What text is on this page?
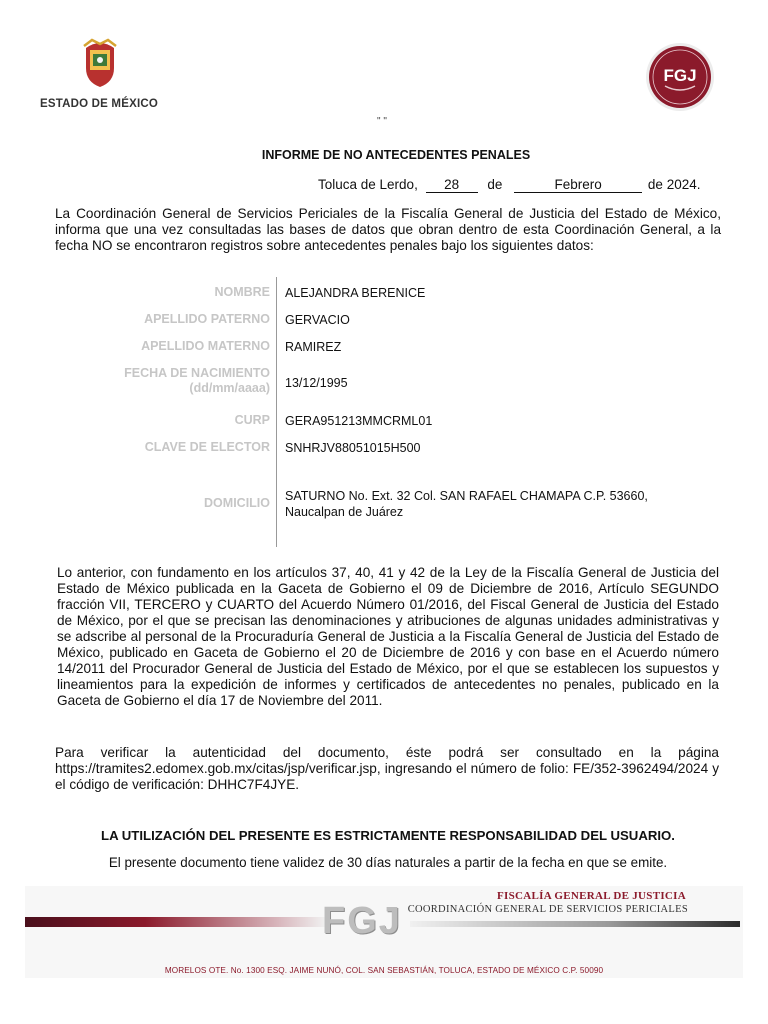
ESTADO DE MÉXICO
FGJ
" "
INFORME DE NO ANTECEDENTES PENALES
Toluca de Lerdo, 28 de	Febrero	de 2024.
La Coordinación General de Servicios Periciales de la Fiscalía General de Justicia del Estado de México, informa que una vez consultadas las bases de datos que obran dentro de esta Coordinación General, a la fecha NO se encontraron registros sobre antecedentes penales bajo los siguientes datos:
NOMBRE ALEJANDRA BERENICE
APELLIDO PATERNO GERVACIO
APELLIDO MATERNO RAMIREZ
FECHA DE NACIMIENTO
(dd/mm/aaaa) 13/12/1995
CURP GERA951213MMCRML01
CLAVE DE ELECTOR SNHRJV88051015H500
DOMICILIO SATURNO No. Ext. 32 Col. SAN RAFAEL CHAMAPA C.P. 53660,
Naucalpan de Juárez
Lo anterior, con fundamento en los artículos 37, 40, 41 y 42 de la Ley de la Fiscalía General de Justicia del Estado de México publicada en la Gaceta de Gobierno el 09 de Diciembre de 2016, Artículo SEGUNDO fracción VII, TERCERO y CUARTO del Acuerdo Número 01/2016, del Fiscal General de Justicia del Estado de México, por el que se precisan las denominaciones y atribuciones de algunas unidades administrativas y se adscribe al personal de la Procuraduría General de Justicia a la Fiscalía General de Justicia del Estado de México, publicado en Gaceta de Gobierno el 20 de Diciembre de 2016 y con base en el Acuerdo número 14/2011 del Procurador General de Justicia del Estado de México, por el que se establecen los supuestos y lineamientos para la expedición de informes y certificados de antecedentes no penales, publicado en la Gaceta de Gobierno el día 17 de Noviembre del 2011.
Para verificar la autenticidad del documento, éste podrá ser consultado en la página https://tramites2.edomex.gob.mx/citas/jsp/verificar.jsp, ingresando el número de folio: FE/352-3962494/2024 y el código de verificación: DHHC7F4JYE.
LA UTILIZACIÓN DEL PRESENTE ES ESTRICTAMENTE RESPONSABILIDAD DEL USUARIO.
El presente documento tiene validez de 30 días naturales a partir de la fecha en que se emite.
FISCALÍA GENERAL DE JUSTICIA
COORDINACIÓN GENERAL DE SERVICIOS PERICIALES
FGJ
MORELOS OTE. No. 1300 ESQ. JAIME NUNÓ, COL. SAN SEBASTIÁN, TOLUCA, ESTADO DE MÉXICO C.P. 50090
